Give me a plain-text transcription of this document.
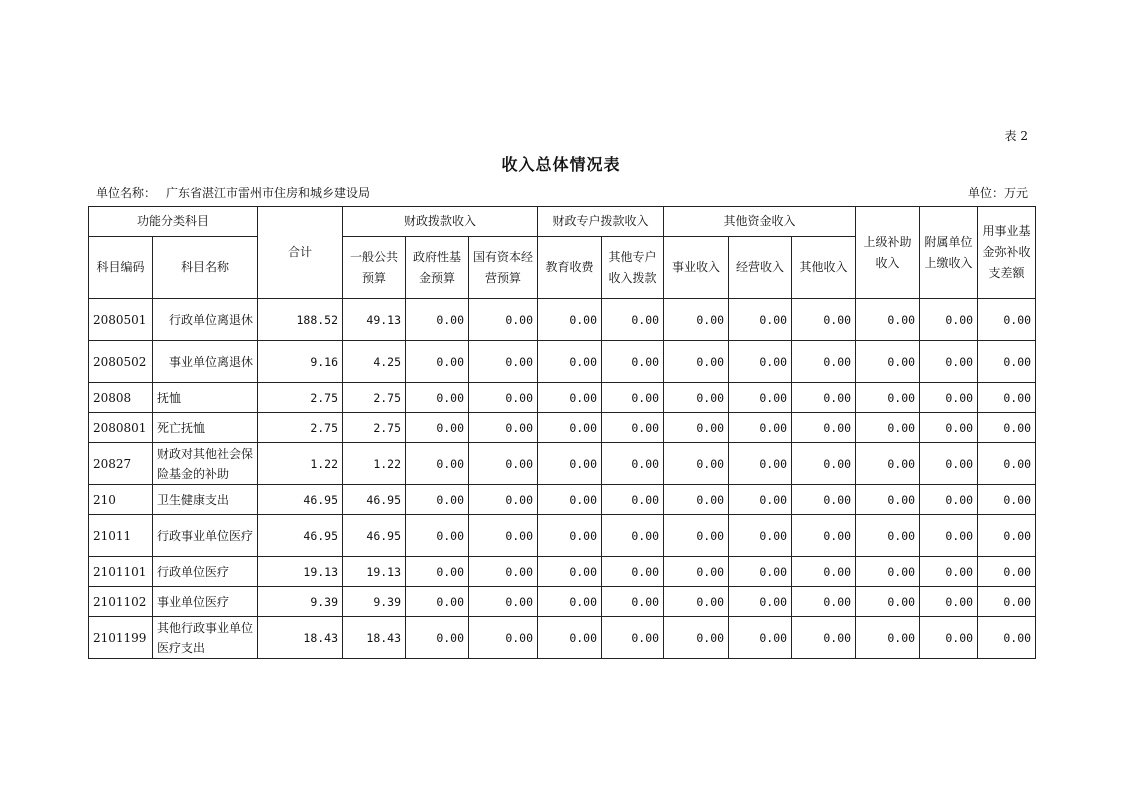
表 2
收入总体情况表
单位名称： 广东省湛江市雷州市住房和城乡建设局	单位：万元
功能分类科目		合计	财政拨款收入			财政专户拨款收入		其他资金收入			上级补助收入	附属单位上缴收入	用事业基金弥补收支差额
科目编码	科目名称		一般公共预算	政府性基金预算	国有资本经营预算	教育收费	其他专户收入拨款	事业收入	经营收入	其他收入			
2080501	　行政单位离退休	188.52	49.13	0.00	0.00	0.00	0.00	0.00	0.00	0.00	0.00	0.00	0.00
2080502	　事业单位离退休	9.16	4.25	0.00	0.00	0.00	0.00	0.00	0.00	0.00	0.00	0.00	0.00
20808	抚恤	2.75	2.75	0.00	0.00	0.00	0.00	0.00	0.00	0.00	0.00	0.00	0.00
2080801	死亡抚恤	2.75	2.75	0.00	0.00	0.00	0.00	0.00	0.00	0.00	0.00	0.00	0.00
20827	财政对其他社会保险基金的补助	1.22	1.22	0.00	0.00	0.00	0.00	0.00	0.00	0.00	0.00	0.00	0.00
210	卫生健康支出	46.95	46.95	0.00	0.00	0.00	0.00	0.00	0.00	0.00	0.00	0.00	0.00
21011	行政事业单位医疗	46.95	46.95	0.00	0.00	0.00	0.00	0.00	0.00	0.00	0.00	0.00	0.00
2101101	行政单位医疗	19.13	19.13	0.00	0.00	0.00	0.00	0.00	0.00	0.00	0.00	0.00	0.00
2101102	事业单位医疗	9.39	9.39	0.00	0.00	0.00	0.00	0.00	0.00	0.00	0.00	0.00	0.00
2101199	其他行政事业单位医疗支出	18.43	18.43	0.00	0.00	0.00	0.00	0.00	0.00	0.00	0.00	0.00	0.00
